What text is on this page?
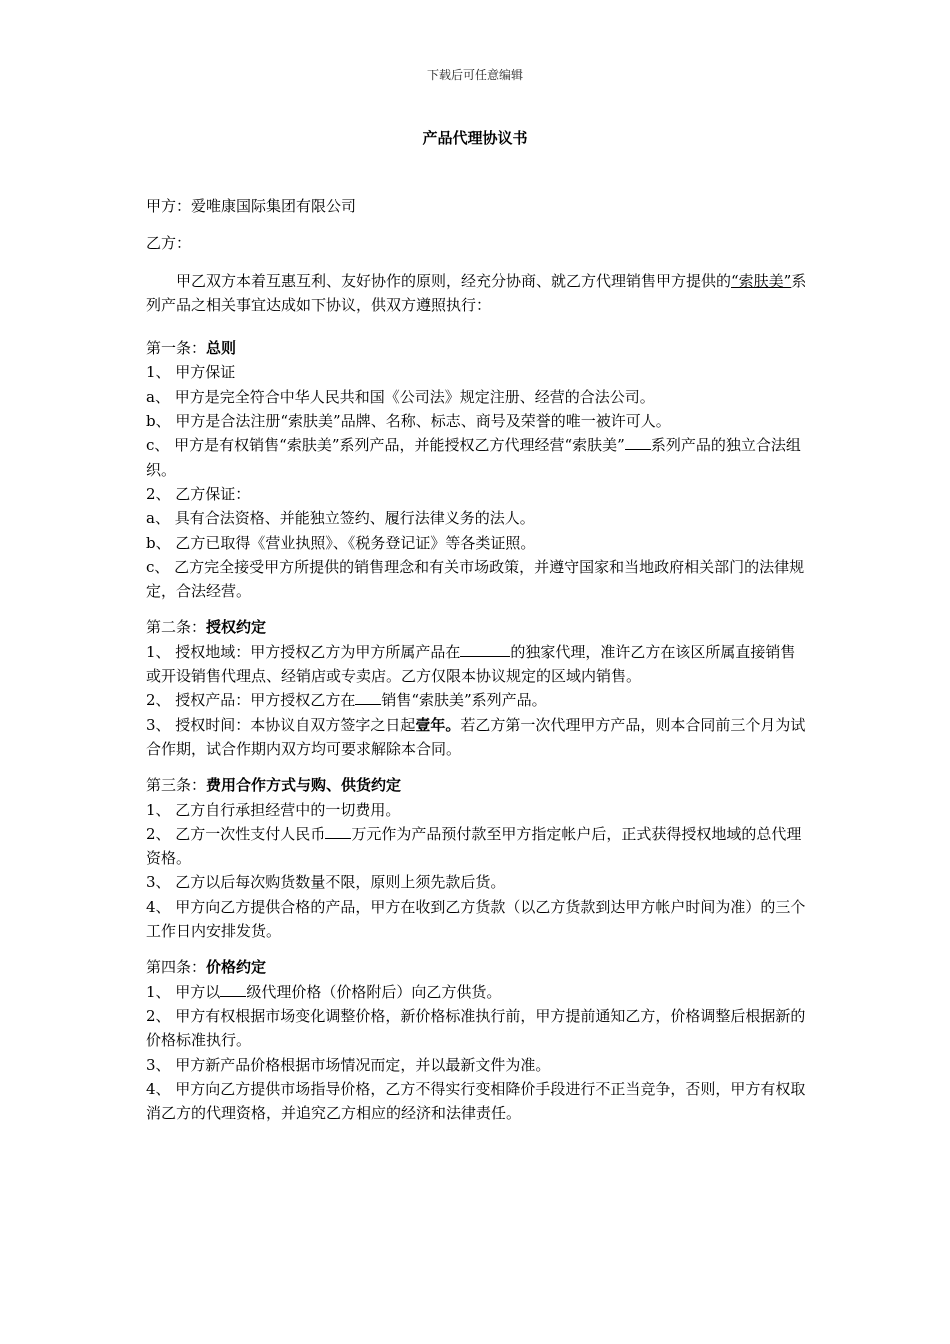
下载后可任意编辑
产品代理协议书

甲方：爱唯康国际集团有限公司

乙方：

甲乙双方本着互惠互利、友好协作的原则，经充分协商、就乙方代理销售甲方提供的“索肤美”系列产品之相关事宜达成如下协议，供双方遵照执行：

第一条：总则

1、 甲方保证

a、 甲方是完全符合中华人民共和国《公司法》规定注册、经营的合法公司。

b、 甲方是合法注册“索肤美”品牌、名称、标志、商号及荣誉的唯一被许可人。

c、 甲方是有权销售“索肤美”系列产品，并能授权乙方代理经营“索肤美” 系列产品的独立合法组织。

2、 乙方保证：

a、 具有合法资格、并能独立签约、履行法律义务的法人。

b、 乙方已取得《营业执照》、《税务登记证》等各类证照。

c、 乙方完全接受甲方所提供的销售理念和有关市场政策，并遵守国家和当地政府相关部门的法律规定，合法经营。

第二条：授权约定

1、 授权地域：甲方授权乙方为甲方所属产品在	的独家代理，准许乙方在该区所属直接销售或开设销售代理点、经销店或专卖店。乙方仅限本协议规定的区域内销售。

2、 授权产品：甲方授权乙方在 销售“索肤美”系列产品。

3、 授权时间：本协议自双方签字之日起壹年。若乙方第一次代理甲方产品，则本合同前三个月为试合作期，试合作期内双方均可要求解除本合同。

第三条：费用合作方式与购、供货约定

1、 乙方自行承担经营中的一切费用。

2、 乙方一次性支付人民币 万元作为产品预付款至甲方指定帐户后，正式获得授权地域的总代理资格。

3、 乙方以后每次购货数量不限，原则上须先款后货。

4、 甲方向乙方提供合格的产品，甲方在收到乙方货款（以乙方货款到达甲方帐户时间为准）的三个工作日内安排发货。

第四条：价格约定

1、 甲方以 级代理价格（价格附后）向乙方供货。

2、 甲方有权根据市场变化调整价格，新价格标准执行前，甲方提前通知乙方，价格调整后根据新的价格标准执行。

3、 甲方新产品价格根据市场情况而定，并以最新文件为准。

4、 甲方向乙方提供市场指导价格，乙方不得实行变相降价手段进行不正当竞争，否则，甲方有权取消乙方的代理资格，并追究乙方相应的经济和法律责任。
